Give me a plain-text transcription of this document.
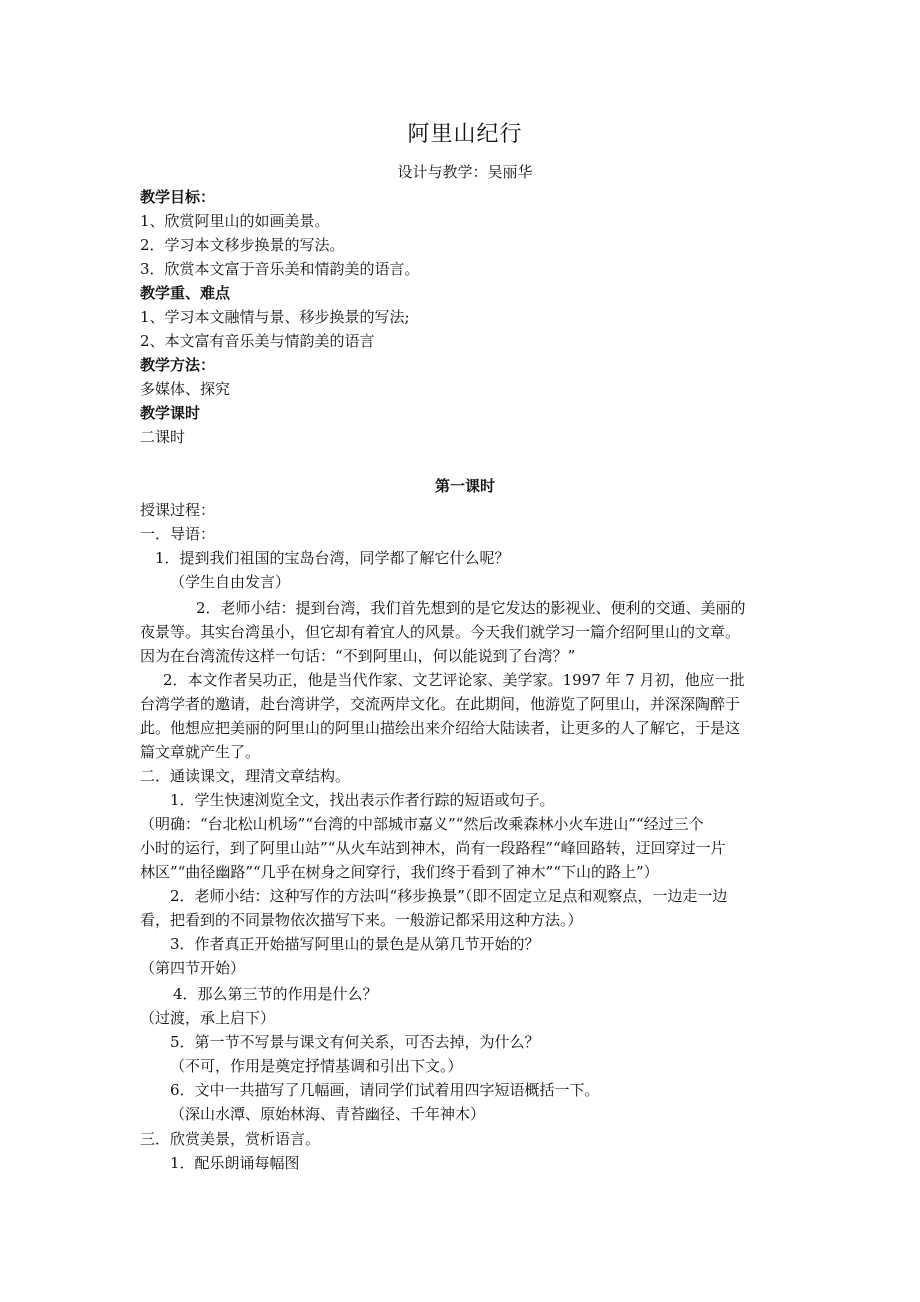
阿里山纪行
设计与教学：吴丽华
教学目标：
1、欣赏阿里山的如画美景。
2．学习本文移步换景的写法。
3．欣赏本文富于音乐美和情韵美的语言。
教学重、难点
1、学习本文融情与景、移步换景的写法;
2、本文富有音乐美与情韵美的语言
教学方法：
多媒体、探究
教学课时
二课时
第一课时
授课过程：
一．导语：
1．提到我们祖国的宝岛台湾，同学都了解它什么呢？
（学生自由发言）
2．老师小结：提到台湾，我们首先想到的是它发达的影视业、便利的交通、美丽的
夜景等。其实台湾虽小，但它却有着宜人的风景。今天我们就学习一篇介绍阿里山的文章。
因为在台湾流传这样一句话：“不到阿里山，何以能说到了台湾？”
2．本文作者吴功正，他是当代作家、文艺评论家、美学家。1997 年 7 月初，他应一批
台湾学者的邀请，赴台湾讲学，交流两岸文化。在此期间，他游览了阿里山，并深深陶醉于
此。他想应把美丽的阿里山的阿里山描绘出来介绍给大陆读者，让更多的人了解它，于是这
篇文章就产生了。
二．通读课文，理清文章结构。
1．学生快速浏览全文，找出表示作者行踪的短语或句子。
（明确：“台北松山机场”“台湾的中部城市嘉义”“然后改乘森林小火车进山”“经过三个
小时的运行，到了阿里山站”“从火车站到神木，尚有一段路程”“峰回路转，迂回穿过一片
林区”“曲径幽路”“几乎在树身之间穿行，我们终于看到了神木”“下山的路上”）
2．老师小结：这种写作的方法叫“移步换景”（即不固定立足点和观察点，一边走一边
看，把看到的不同景物依次描写下来。一般游记都采用这种方法。）
3．作者真正开始描写阿里山的景色是从第几节开始的？
（第四节开始）
4．那么第三节的作用是什么？
（过渡，承上启下）
5．第一节不写景与课文有何关系，可否去掉，为什么？
（不可，作用是奠定抒情基调和引出下文。）
6．文中一共描写了几幅画，请同学们试着用四字短语概括一下。
（深山水潭、原始林海、青苔幽径、千年神木）
三．欣赏美景，赏析语言。
1．配乐朗诵每幅图
